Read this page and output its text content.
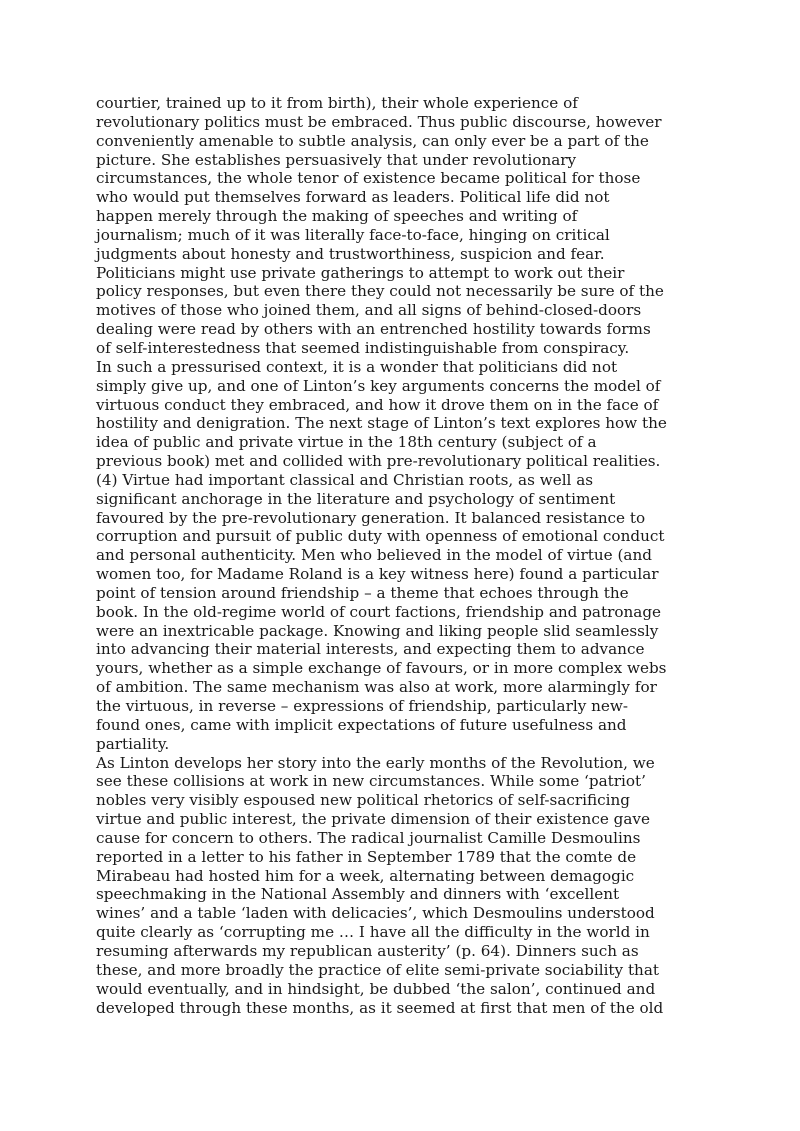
courtier, trained up to it from birth), their whole experience of
revolutionary politics must be embraced. Thus public discourse, however
conveniently amenable to subtle analysis, can only ever be a part of the
picture. She establishes persuasively that under revolutionary
circumstances, the whole tenor of existence became political for those
who would put themselves forward as leaders. Political life did not
happen merely through the making of speeches and writing of
journalism; much of it was literally face-to-face, hinging on critical
judgments about honesty and trustworthiness, suspicion and fear.
Politicians might use private gatherings to attempt to work out their
policy responses, but even there they could not necessarily be sure of the
motives of those who joined them, and all signs of behind-closed-doors
dealing were read by others with an entrenched hostility towards forms
of self-interestedness that seemed indistinguishable from conspiracy.

In such a pressurised context, it is a wonder that politicians did not
simply give up, and one of Linton’s key arguments concerns the model of
virtuous conduct they embraced, and how it drove them on in the face of
hostility and denigration. The next stage of Linton’s text explores how the
idea of public and private virtue in the 18th century (subject of a
previous book) met and collided with pre-revolutionary political realities.
(4) Virtue had important classical and Christian roots, as well as
significant anchorage in the literature and psychology of sentiment
favoured by the pre-revolutionary generation. It balanced resistance to
corruption and pursuit of public duty with openness of emotional conduct
and personal authenticity. Men who believed in the model of virtue (and
women too, for Madame Roland is a key witness here) found a particular
point of tension around friendship – a theme that echoes through the
book. In the old-regime world of court factions, friendship and patronage
were an inextricable package. Knowing and liking people slid seamlessly
into advancing their material interests, and expecting them to advance
yours, whether as a simple exchange of favours, or in more complex webs
of ambition. The same mechanism was also at work, more alarmingly for
the virtuous, in reverse – expressions of friendship, particularly new-
found ones, came with implicit expectations of future usefulness and
partiality.

As Linton develops her story into the early months of the Revolution, we
see these collisions at work in new circumstances. While some ‘patriot’
nobles very visibly espoused new political rhetorics of self-sacrificing
virtue and public interest, the private dimension of their existence gave
cause for concern to others. The radical journalist Camille Desmoulins
reported in a letter to his father in September 1789 that the comte de
Mirabeau had hosted him for a week, alternating between demagogic
speechmaking in the National Assembly and dinners with ‘excellent
wines’ and a table ‘laden with delicacies’, which Desmoulins understood
quite clearly as ‘corrupting me … I have all the difficulty in the world in
resuming afterwards my republican austerity’ (p. 64). Dinners such as
these, and more broadly the practice of elite semi-private sociability that
would eventually, and in hindsight, be dubbed ‘the salon’, continued and
developed through these months, as it seemed at first that men of the old
